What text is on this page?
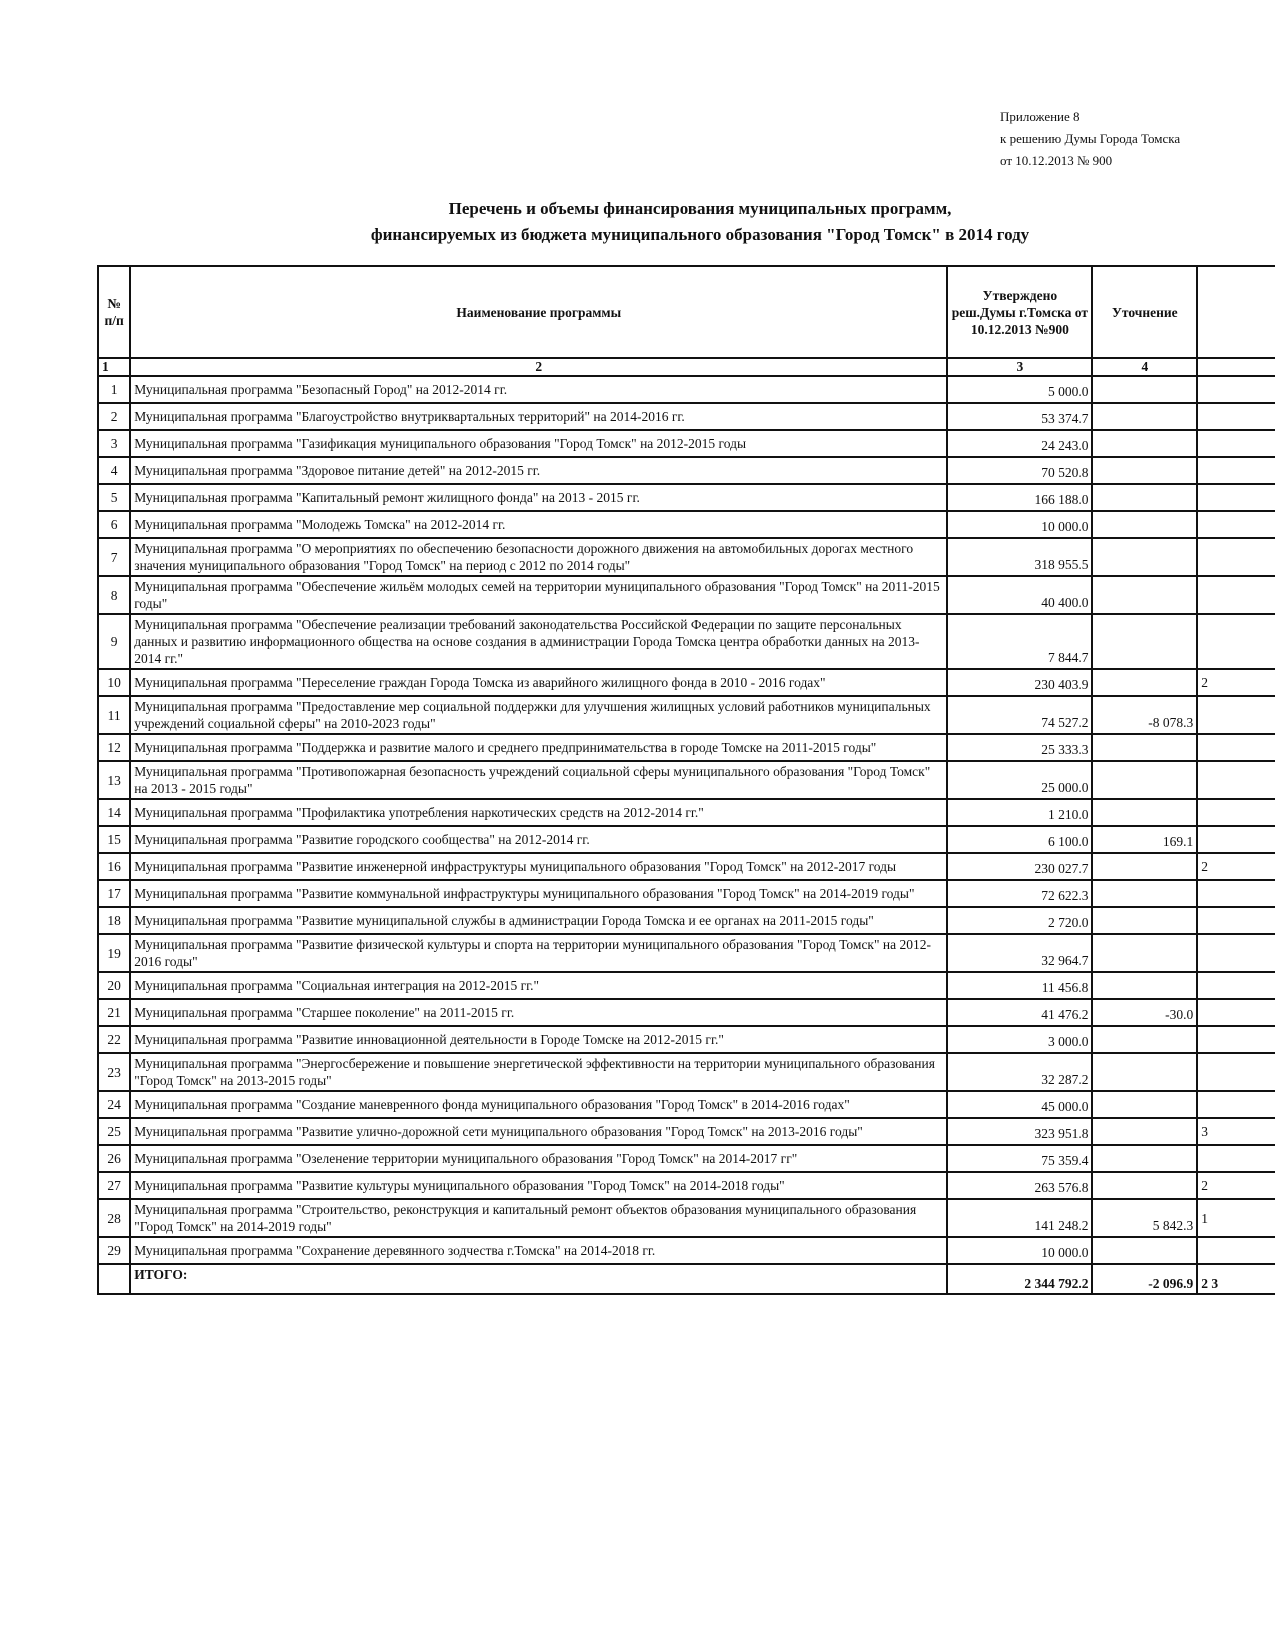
Приложение 8
к решению Думы Города Томска
от 10.12.2013 № 900
Перечень и объемы финансирования муниципальных программ,
финансируемых из бюджета муниципального образования "Город Томск" в 2014 году
№ п/п	Наименование программы	Утверждено реш.Думы г.Томска от 10.12.2013 №900	Уточнение	
1	2	3	4	
1	Муниципальная программа "Безопасный Город" на 2012-2014 гг.	5 000.0		
2	Муниципальная программа "Благоустройство внутриквартальных территорий" на 2014-2016 гг.	53 374.7		
3	Муниципальная программа "Газификация муниципального образования "Город Томск" на 2012-2015 годы	24 243.0		
4	Муниципальная программа "Здоровое питание детей" на 2012-2015 гг.	70 520.8		
5	Муниципальная программа "Капитальный ремонт жилищного фонда" на 2013 - 2015 гг.	166 188.0		
6	Муниципальная программа "Молодежь Томска" на 2012-2014 гг.	10 000.0		
7	Муниципальная программа "О мероприятиях по обеспечению безопасности дорожного движения на автомобильных дорогах местного значения муниципального образования "Город Томск" на период с 2012 по 2014 годы"	318 955.5		
8	Муниципальная программа "Обеспечение жильём молодых семей на территории муниципального образования "Город Томск" на 2011-2015 годы"	40 400.0		
9	Муниципальная программа "Обеспечение реализации требований законодательства Российской Федерации по защите персональных данных и развитию информационного общества на основе создания в администрации Города Томска центра обработки данных на 2013-2014 гг."	7 844.7		
10	Муниципальная программа "Переселение граждан Города Томска из аварийного жилищного фонда в 2010 - 2016 годах"	230 403.9		2
11	Муниципальная программа "Предоставление мер социальной поддержки для улучшения жилищных условий работников муниципальных учреждений социальной сферы" на 2010-2023 годы"	74 527.2	-8 078.3	
12	Муниципальная программа "Поддержка и развитие малого и среднего предпринимательства в городе Томске на 2011-2015 годы"	25 333.3		
13	Муниципальная программа "Противопожарная безопасность учреждений социальной сферы муниципального образования "Город Томск" на 2013 - 2015 годы"	25 000.0		
14	Муниципальная программа "Профилактика употребления наркотических средств на 2012-2014 гг."	1 210.0		
15	Муниципальная программа "Развитие городского сообщества" на 2012-2014 гг.	6 100.0	169.1	
16	Муниципальная программа "Развитие инженерной инфраструктуры муниципального образования "Город Томск" на 2012-2017 годы	230 027.7		2
17	Муниципальная программа "Развитие коммунальной инфраструктуры муниципального образования "Город Томск" на 2014-2019 годы"	72 622.3		
18	Муниципальная программа "Развитие муниципальной службы в администрации Города Томска и ее органах на 2011-2015 годы"	2 720.0		
19	Муниципальная программа "Развитие физической культуры и спорта на территории муниципального образования "Город Томск" на 2012-2016 годы"	32 964.7		
20	Муниципальная программа "Социальная интеграция на 2012-2015 гг."	11 456.8		
21	Муниципальная программа "Старшее поколение" на 2011-2015 гг.	41 476.2	-30.0	
22	Муниципальная программа "Развитие инновационной деятельности в Городе Томске на 2012-2015 гг."	3 000.0		
23	Муниципальная программа "Энергосбережение и повышение энергетической эффективности на территории муниципального образования "Город Томск" на 2013-2015 годы"	32 287.2		
24	Муниципальная программа "Создание маневренного фонда муниципального образования "Город Томск" в 2014-2016 годах"	45 000.0		
25	Муниципальная программа "Развитие улично-дорожной сети муниципального образования "Город Томск" на 2013-2016 годы"	323 951.8		3
26	Муниципальная программа "Озеленение территории муниципального образования "Город Томск" на 2014-2017 гг"	75 359.4		
27	Муниципальная программа "Развитие культуры муниципального образования "Город Томск" на 2014-2018 годы"	263 576.8		2
28	Муниципальная программа "Строительство, реконструкция и капитальный ремонт объектов образования муниципального образования "Город Томск" на 2014-2019 годы"	141 248.2	5 842.3	1
29	Муниципальная программа "Сохранение деревянного зодчества г.Томска" на 2014-2018 гг.	10 000.0		
	ИТОГО:	2 344 792.2	-2 096.9	2 3
